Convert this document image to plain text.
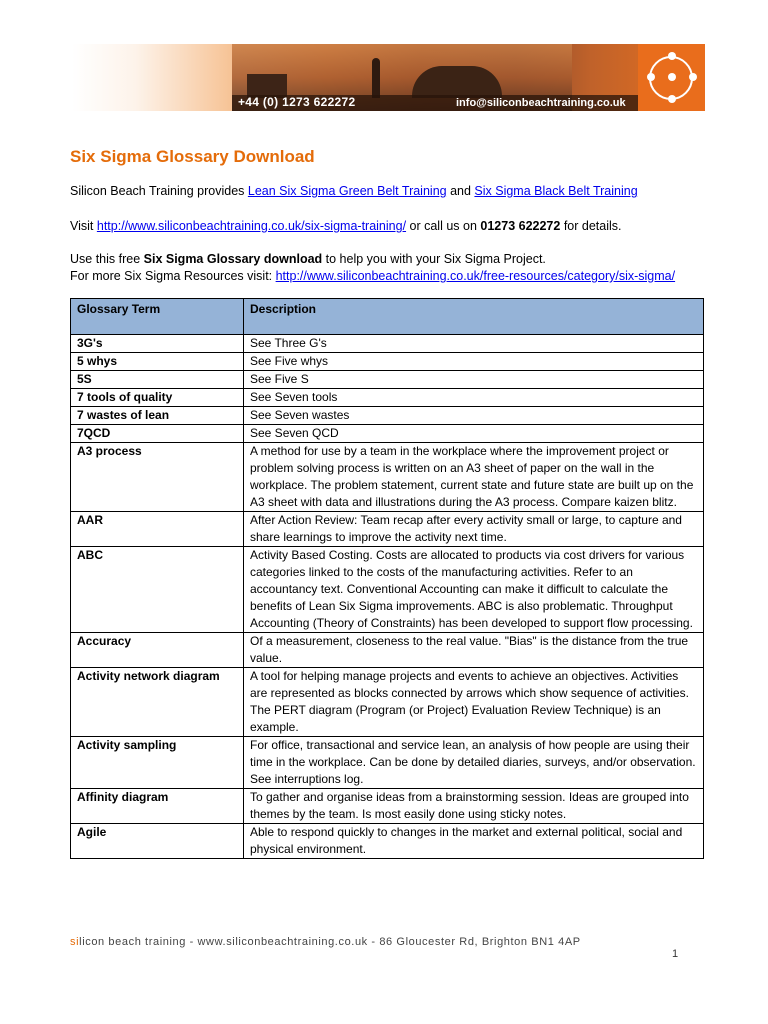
+44 (0) 1273 622272	info@siliconbeachtraining.co.uk
Six Sigma Glossary Download
Silicon Beach Training provides Lean Six Sigma Green Belt Training and Six Sigma Black Belt Training
Visit http://www.siliconbeachtraining.co.uk/six-sigma-training/ or call us on 01273 622272 for details.
Use this free Six Sigma Glossary download to help you with your Six Sigma Project.
For more Six Sigma Resources visit: http://www.siliconbeachtraining.co.uk/free-resources/category/six-sigma/
Glossary Term	Description
3G's	See Three G's
5 whys	See Five whys
5S	See Five S
7 tools of quality	See Seven tools
7 wastes of lean	See Seven wastes
7QCD	See Seven QCD
A3 process	A method for use by a team in the workplace where the improvement project or problem solving process is written on an A3 sheet of paper on the wall in the workplace. The problem statement, current state and future state are built up on the A3 sheet with data and illustrations during the A3 process. Compare kaizen blitz.
AAR	After Action Review: Team recap after every activity small or large, to capture and share learnings to improve the activity next time.
ABC	Activity Based Costing. Costs are allocated to products via cost drivers for various categories linked to the costs of the manufacturing activities. Refer to an accountancy text. Conventional Accounting can make it difficult to calculate the benefits of Lean Six Sigma improvements. ABC is also problematic. Throughput Accounting (Theory of Constraints) has been developed to support flow processing.
Accuracy	Of a measurement, closeness to the real value. "Bias" is the distance from the true value.
Activity network diagram	A tool for helping manage projects and events to achieve an objectives. Activities are represented as blocks connected by arrows which show sequence of activities. The PERT diagram (Program (or Project) Evaluation Review Technique) is an example.
Activity sampling	For office, transactional and service lean, an analysis of how people are using their time in the workplace. Can be done by detailed diaries, surveys, and/or observation. See interruptions log.
Affinity diagram	To gather and organise ideas from a brainstorming session. Ideas are grouped into themes by the team. Is most easily done using sticky notes.
Agile	Able to respond quickly to changes in the market and external political, social and physical environment.
silicon beach training - www.siliconbeachtraining.co.uk - 86 Gloucester Rd, Brighton BN1 4AP
1
